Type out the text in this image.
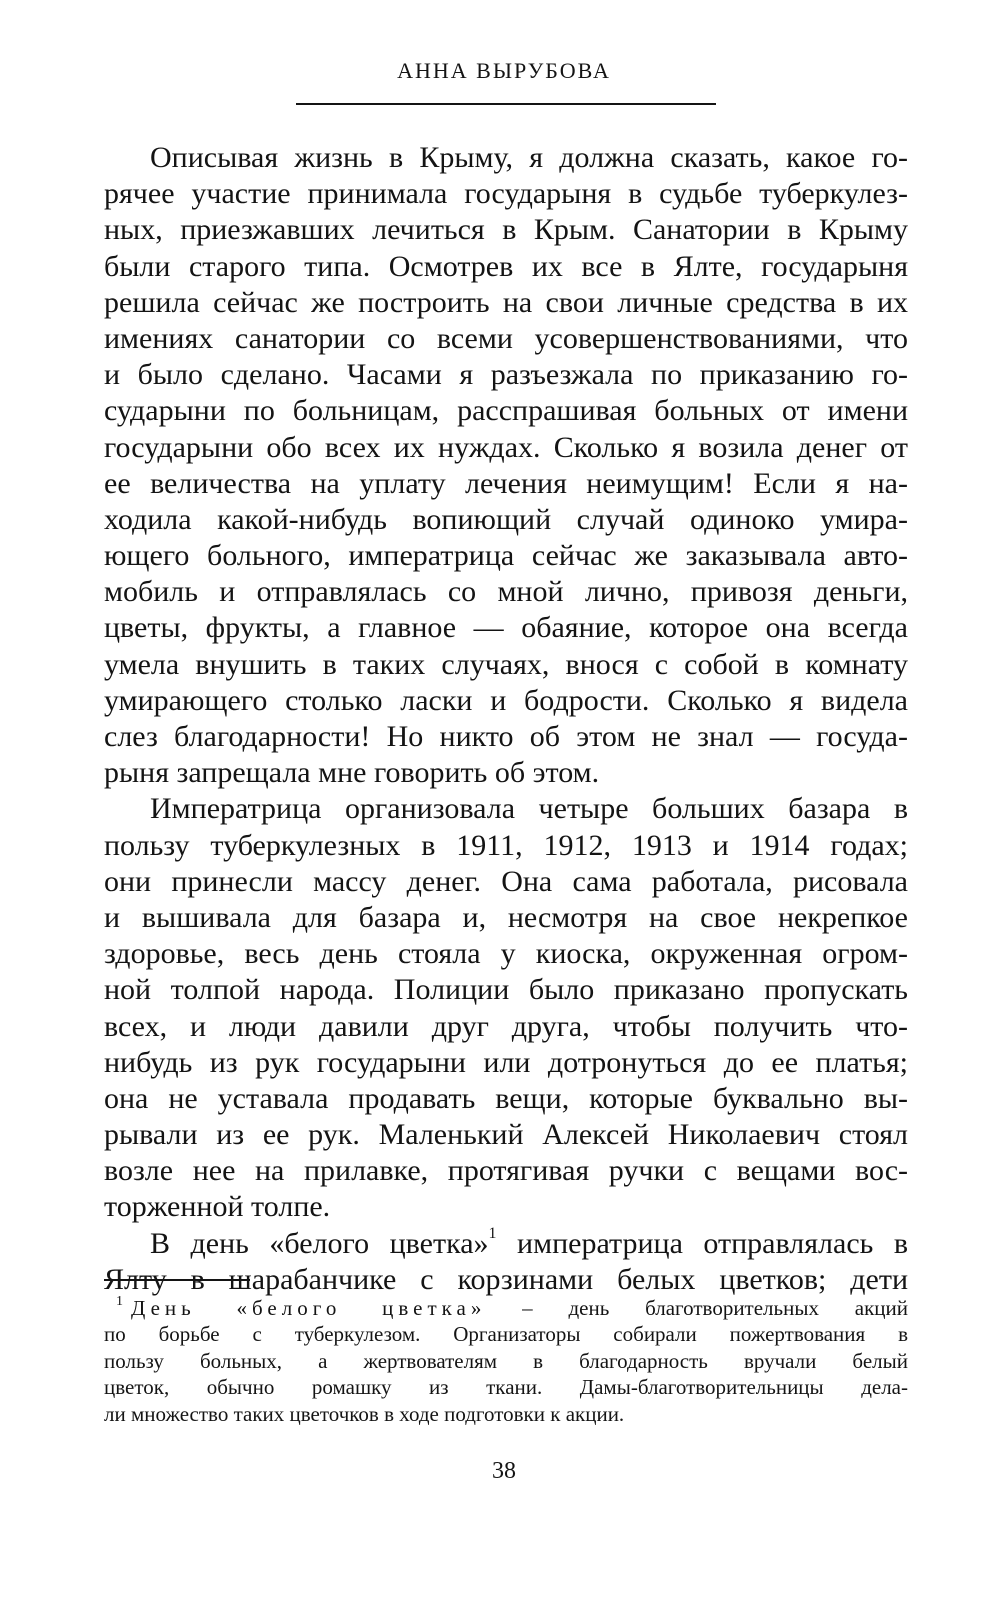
АННА ВЫРУБОВА
Описывая жизнь в Крыму, я должна сказать, какое го-
рячее участие принимала государыня в судьбе туберкулез-
ных, приезжавших лечиться в Крым. Санатории в Крыму
были старого типа. Осмотрев их все в Ялте, государыня
решила сейчас же построить на свои личные средства в их
имениях санатории со всеми усовершенствованиями, что
и было сделано. Часами я разъезжала по приказанию го-
сударыни по больницам, расспрашивая больных от имени
государыни обо всех их нуждах. Сколько я возила денег от
ее величества на уплату лечения неимущим! Если я на-
ходила какой-нибудь вопиющий случай одиноко умира-
ющего больного, императрица сейчас же заказывала авто-
мобиль и отправлялась со мной лично, привозя деньги,
цветы, фрукты, а главное — обаяние, которое она всегда
умела внушить в таких случаях, внося с собой в комнату
умирающего столько ласки и бодрости. Сколько я видела
слез благодарности! Но никто об этом не знал — госуда-
рыня запрещала мне говорить об этом.
Императрица организовала четыре больших базара в
пользу туберкулезных в 1911, 1912, 1913 и 1914 годах;
они принесли массу денег. Она сама работала, рисовала
и вышивала для базара и, несмотря на свое некрепкое
здоровье, весь день стояла у киоска, окруженная огром-
ной толпой народа. Полиции было приказано пропускать
всех, и люди давили друг друга, чтобы получить что-
нибудь из рук государыни или дотронуться до ее платья;
она не уставала продавать вещи, которые буквально вы-
рывали из ее рук. Маленький Алексей Николаевич стоял
возле нее на прилавке, протягивая ручки с вещами вос-
торженной толпе.
В день «белого цветка»$^1$ императрица отправлялась в
Ялту в шарабанчике с корзинами белых цветков; дети
$^1$ День «белого цветка» – день благотворительных акций
по борьбе с туберкулезом. Организаторы собирали пожертвования в
пользу больных, а жертвователям в благодарность вручали белый
цветок, обычно ромашку из ткани. Дамы-благотворительницы дела-
ли множество таких цветочков в ходе подготовки к акции.
38
